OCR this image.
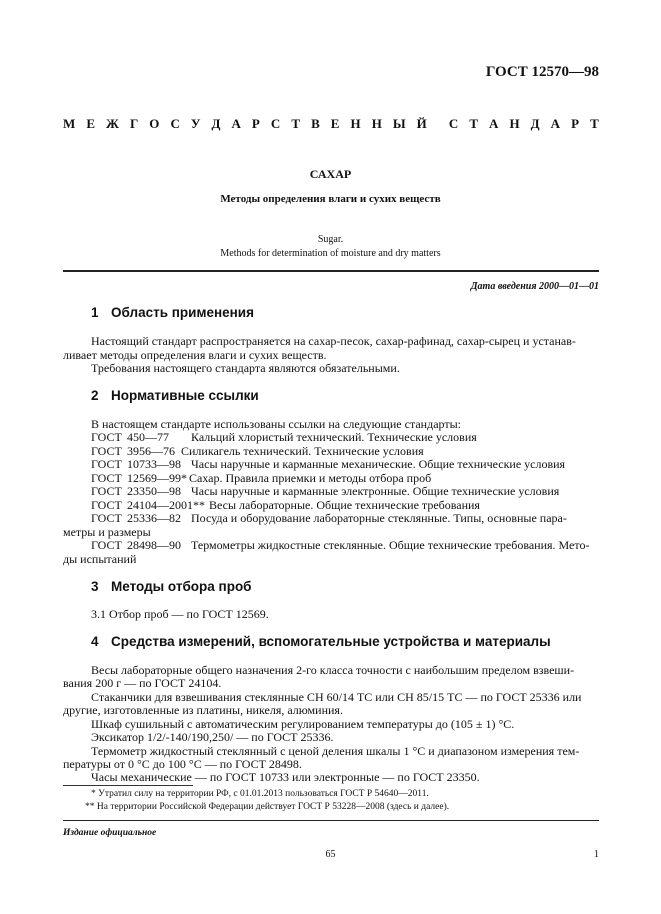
ГОСТ 12570—98
М Е Ж Г О С У Д А Р С Т В Е Н Н Ы Й С Т А Н Д А Р Т
САХАР
Методы определения влаги и сухих веществ
Sugar.
Methods for determination of moisture and dry matters
Дата введения 2000—01—01
1 Область применения
Настоящий стандарт распространяется на сахар-песок, сахар-рафинад, сахар-сырец и устанав-
ливает методы определения влаги и сухих веществ.
Требования настоящего стандарта являются обязательными.
2 Нормативные ссылки
В настоящем стандарте использованы ссылки на следующие стандарты:
ГОСТ 450—77 Кальций хлористый технический. Технические условия
ГОСТ 3956—76 Силикагель технический. Технические условия
ГОСТ 10733—98 Часы наручные и карманные механические. Общие технические условия
ГОСТ 12569—99* Сахар. Правила приемки и методы отбора проб
ГОСТ 23350—98 Часы наручные и карманные электронные. Общие технические условия
ГОСТ 24104—2001** Весы лабораторные. Общие технические требования
ГОСТ 25336—82 Посуда и оборудование лабораторные стеклянные. Типы, основные пара-
метры и размеры
ГОСТ 28498—90 Термометры жидкостные стеклянные. Общие технические требования. Мето-
ды испытаний
3 Методы отбора проб
3.1 Отбор проб — по ГОСТ 12569.
4 Средства измерений, вспомогательные устройства и материалы
Весы лабораторные общего назначения 2-го класса точности с наибольшим пределом взвеши-
вания 200 г — по ГОСТ 24104.
Стаканчики для взвешивания стеклянные СН 60/14 ТС или СН 85/15 ТС — по ГОСТ 25336 или
другие, изготовленные из платины, никеля, алюминия.
Шкаф сушильный с автоматическим регулированием температуры до (105 ± 1) °С.
Эксикатор 1/2/-140/190,250/ — по ГОСТ 25336.
Термометр жидкостный стеклянный с ценой деления шкалы 1 °С и диапазоном измерения тем-
пературы от 0 °С до 100 °С — по ГОСТ 28498.
Часы механические — по ГОСТ 10733 или электронные — по ГОСТ 23350.
* Утратил силу на территории РФ, с 01.01.2013 пользоваться ГОСТ Р 54640—2011.
** На территории Российской Федерации действует ГОСТ Р 53228—2008 (здесь и далее).
Издание официальное
65	1
